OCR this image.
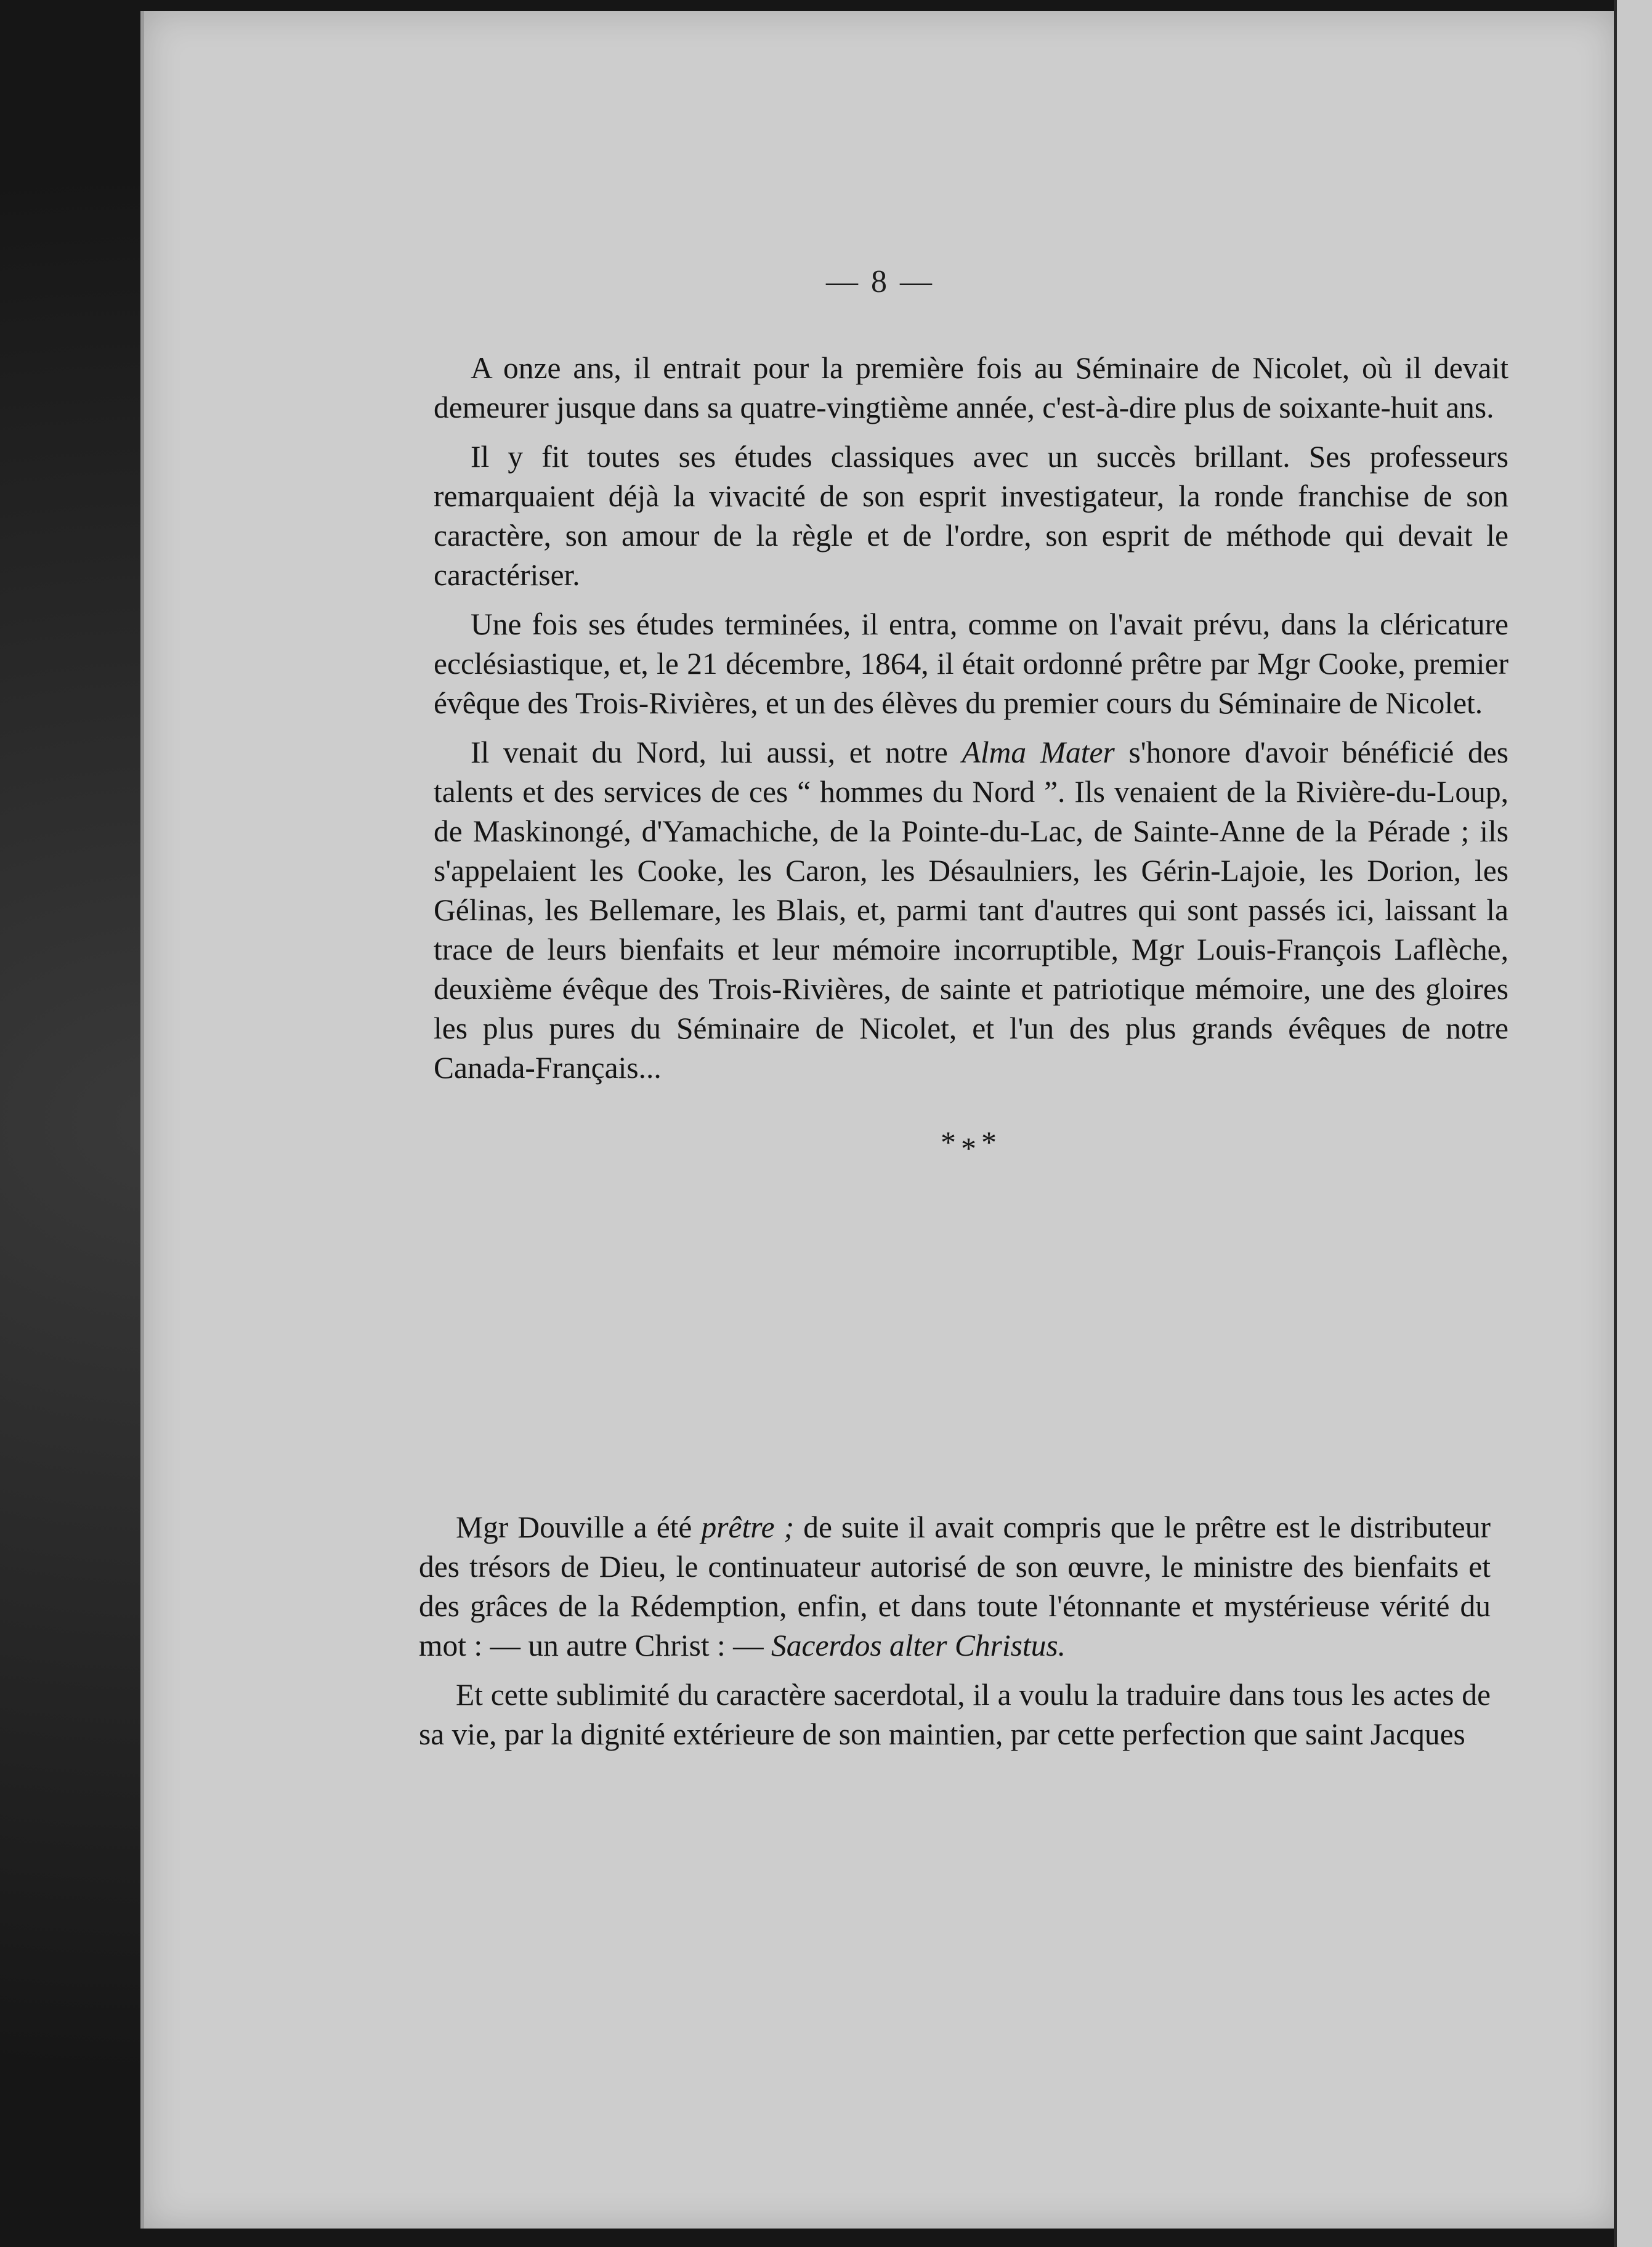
— 8 —

A onze ans, il entrait pour la première fois au Séminaire de Nicolet, où il devait demeurer jusque dans sa quatre-vingtième année, c'est-à-dire plus de soixante-huit ans.

Il y fit toutes ses études classiques avec un succès brillant. Ses professeurs remarquaient déjà la vivacité de son esprit investigateur, la ronde franchise de son caractère, son amour de la règle et de l'ordre, son esprit de méthode qui devait le caractériser.

Une fois ses études terminées, il entra, comme on l'avait prévu, dans la cléricature ecclésiastique, et, le 21 décembre, 1864, il était ordonné prêtre par Mgr Cooke, premier évêque des Trois-Rivières, et un des élèves du premier cours du Séminaire de Nicolet.

Il venait du Nord, lui aussi, et notre Alma Mater s'honore d'avoir bénéficié des talents et des services de ces “ hommes du Nord ”. Ils venaient de la Rivière-du-Loup, de Maskinongé, d'Yamachiche, de la Pointe-du-Lac, de Sainte-Anne de la Pérade ; ils s'appelaient les Cooke, les Caron, les Désaulniers, les Gérin-Lajoie, les Dorion, les Gélinas, les Bellemare, les Blais, et, parmi tant d'autres qui sont passés ici, laissant la trace de leurs bienfaits et leur mémoire incorruptible, Mgr Louis-François Laflèche, deuxième évêque des Trois-Rivières, de sainte et patriotique mémoire, une des gloires les plus pures du Séminaire de Nicolet, et l'un des plus grands évêques de notre Canada-Français...

***

Mgr Douville a été prêtre ; de suite il avait compris que le prêtre est le distributeur des trésors de Dieu, le continuateur autorisé de son œuvre, le ministre des bienfaits et des grâces de la Rédemption, enfin, et dans toute l'étonnante et mystérieuse vérité du mot : — un autre Christ : — Sacerdos alter Christus.

Et cette sublimité du caractère sacerdotal, il a voulu la traduire dans tous les actes de sa vie, par la dignité extérieure de son maintien, par cette perfection que saint Jacques
